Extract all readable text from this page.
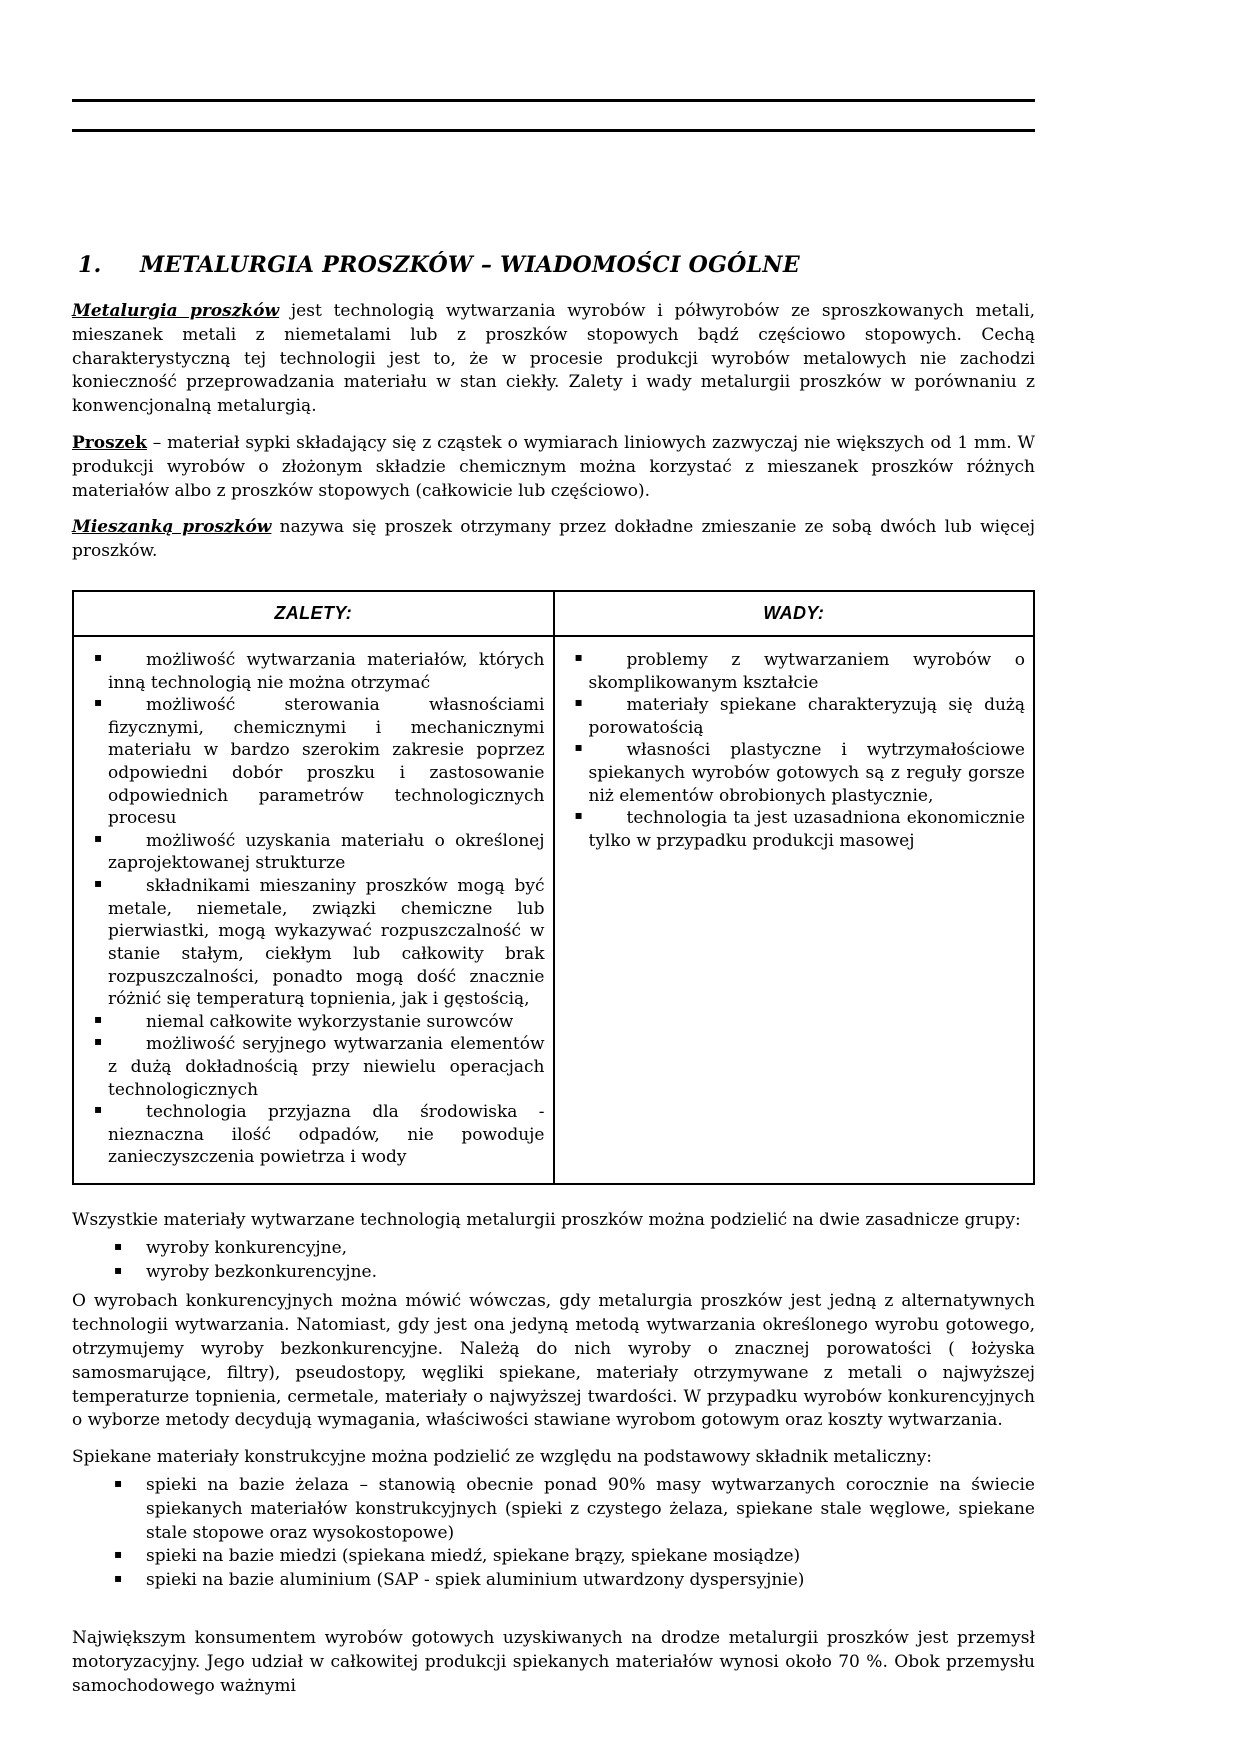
1.	METALURGIA PROSZKÓW – WIADOMOŚCI OGÓLNE

Metalurgia proszków jest technologią wytwarzania wyrobów i półwyrobów ze sproszkowanych metali, mieszanek metali z niemetalami lub z proszków stopowych bądź częściowo stopowych. Cechą charakterystyczną tej technologii jest to, że w procesie produkcji wyrobów metalowych nie zachodzi konieczność przeprowadzania materiału w stan ciekły. Zalety i wady metalurgii proszków w porównaniu z konwencjonalną metalurgią.

Proszek – materiał sypki składający się z cząstek o wymiarach liniowych zazwyczaj nie większych od 1 mm. W produkcji wyrobów o złożonym składzie chemicznym można korzystać z mieszanek proszków różnych materiałów albo z proszków stopowych (całkowicie lub częściowo).

Mieszanką proszków nazywa się proszek otrzymany przez dokładne zmieszanie ze sobą dwóch lub więcej proszków.

ZALETY:	WADY:

▪ możliwość wytwarzania materiałów, których inną technologią nie można otrzymać
▪ możliwość sterowania własnościami fizycznymi, chemicznymi i mechanicznymi materiału w bardzo szerokim zakresie poprzez odpowiedni dobór proszku i zastosowanie odpowiednich parametrów technologicznych procesu
▪ możliwość uzyskania materiału o określonej zaprojektowanej strukturze
▪ składnikami mieszaniny proszków mogą być metale, niemetale, związki chemiczne lub pierwiastki, mogą wykazywać rozpuszczalność w stanie stałym, ciekłym lub całkowity brak rozpuszczalności, ponadto mogą dość znacznie różnić się temperaturą topnienia, jak i gęstością,
▪ niemal całkowite wykorzystanie surowców
▪ możliwość seryjnego wytwarzania elementów z dużą dokładnością przy niewielu operacjach technologicznych
▪ technologia przyjazna dla środowiska - nieznaczna ilość odpadów, nie powoduje zanieczyszczenia powietrza i wody

▪ problemy z wytwarzaniem wyrobów o skomplikowanym kształcie
▪ materiały spiekane charakteryzują się dużą porowatością
▪ własności plastyczne i wytrzymałościowe spiekanych wyrobów gotowych są z reguły gorsze niż elementów obrobionych plastycznie,
▪ technologia ta jest uzasadniona ekonomicznie tylko w przypadku produkcji masowej

Wszystkie materiały wytwarzane technologią metalurgii proszków można podzielić na dwie zasadnicze grupy:

▪ wyroby konkurencyjne,
▪ wyroby bezkonkurencyjne.

O wyrobach konkurencyjnych można mówić wówczas, gdy metalurgia proszków jest jedną z alternatywnych technologii wytwarzania. Natomiast, gdy jest ona jedyną metodą wytwarzania określonego wyrobu gotowego, otrzymujemy wyroby bezkonkurencyjne. Należą do nich wyroby o znacznej porowatości ( łożyska samosmarujące, filtry), pseudostopy, węgliki spiekane, materiały otrzymywane z metali o najwyższej temperaturze topnienia, cermetale, materiały o najwyższej twardości. W przypadku wyrobów konkurencyjnych o wyborze metody decydują wymagania, właściwości stawiane wyrobom gotowym oraz koszty wytwarzania.

Spiekane materiały konstrukcyjne można podzielić ze względu na podstawowy składnik metaliczny:

▪ spieki na bazie żelaza – stanowią obecnie ponad 90% masy wytwarzanych corocznie na świecie spiekanych materiałów konstrukcyjnych (spieki z czystego żelaza, spiekane stale węglowe, spiekane stale stopowe oraz wysokostopowe)
▪ spieki na bazie miedzi (spiekana miedź, spiekane brązy, spiekane mosiądze)
▪ spieki na bazie aluminium (SAP - spiek aluminium utwardzony dyspersyjnie)

Największym konsumentem wyrobów gotowych uzyskiwanych na drodze metalurgii proszków jest przemysł motoryzacyjny. Jego udział w całkowitej produkcji spiekanych materiałów wynosi około 70 %. Obok przemysłu samochodowego ważnymi
